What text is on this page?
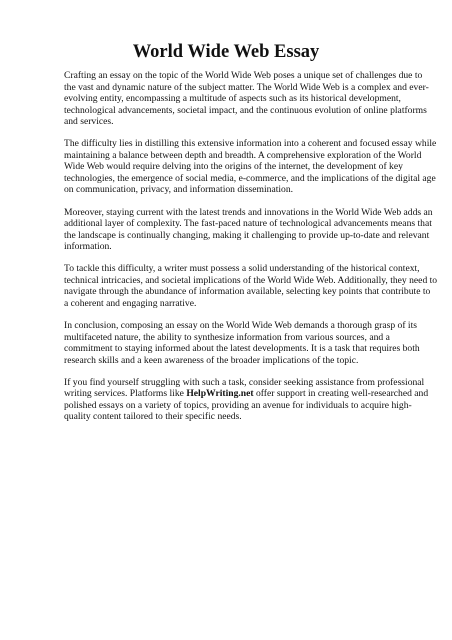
World Wide Web Essay

Crafting an essay on the topic of the World Wide Web poses a unique set of challenges due to
the vast and dynamic nature of the subject matter. The World Wide Web is a complex and ever-
evolving entity, encompassing a multitude of aspects such as its historical development,
technological advancements, societal impact, and the continuous evolution of online platforms
and services.

The difficulty lies in distilling this extensive information into a coherent and focused essay while
maintaining a balance between depth and breadth. A comprehensive exploration of the World
Wide Web would require delving into the origins of the internet, the development of key
technologies, the emergence of social media, e-commerce, and the implications of the digital age
on communication, privacy, and information dissemination.

Moreover, staying current with the latest trends and innovations in the World Wide Web adds an
additional layer of complexity. The fast-paced nature of technological advancements means that
the landscape is continually changing, making it challenging to provide up-to-date and relevant
information.

To tackle this difficulty, a writer must possess a solid understanding of the historical context,
technical intricacies, and societal implications of the World Wide Web. Additionally, they need to
navigate through the abundance of information available, selecting key points that contribute to
a coherent and engaging narrative.

In conclusion, composing an essay on the World Wide Web demands a thorough grasp of its
multifaceted nature, the ability to synthesize information from various sources, and a
commitment to staying informed about the latest developments. It is a task that requires both
research skills and a keen awareness of the broader implications of the topic.

If you find yourself struggling with such a task, consider seeking assistance from professional
writing services. Platforms like HelpWriting.net offer support in creating well-researched and
polished essays on a variety of topics, providing an avenue for individuals to acquire high-
quality content tailored to their specific needs.
